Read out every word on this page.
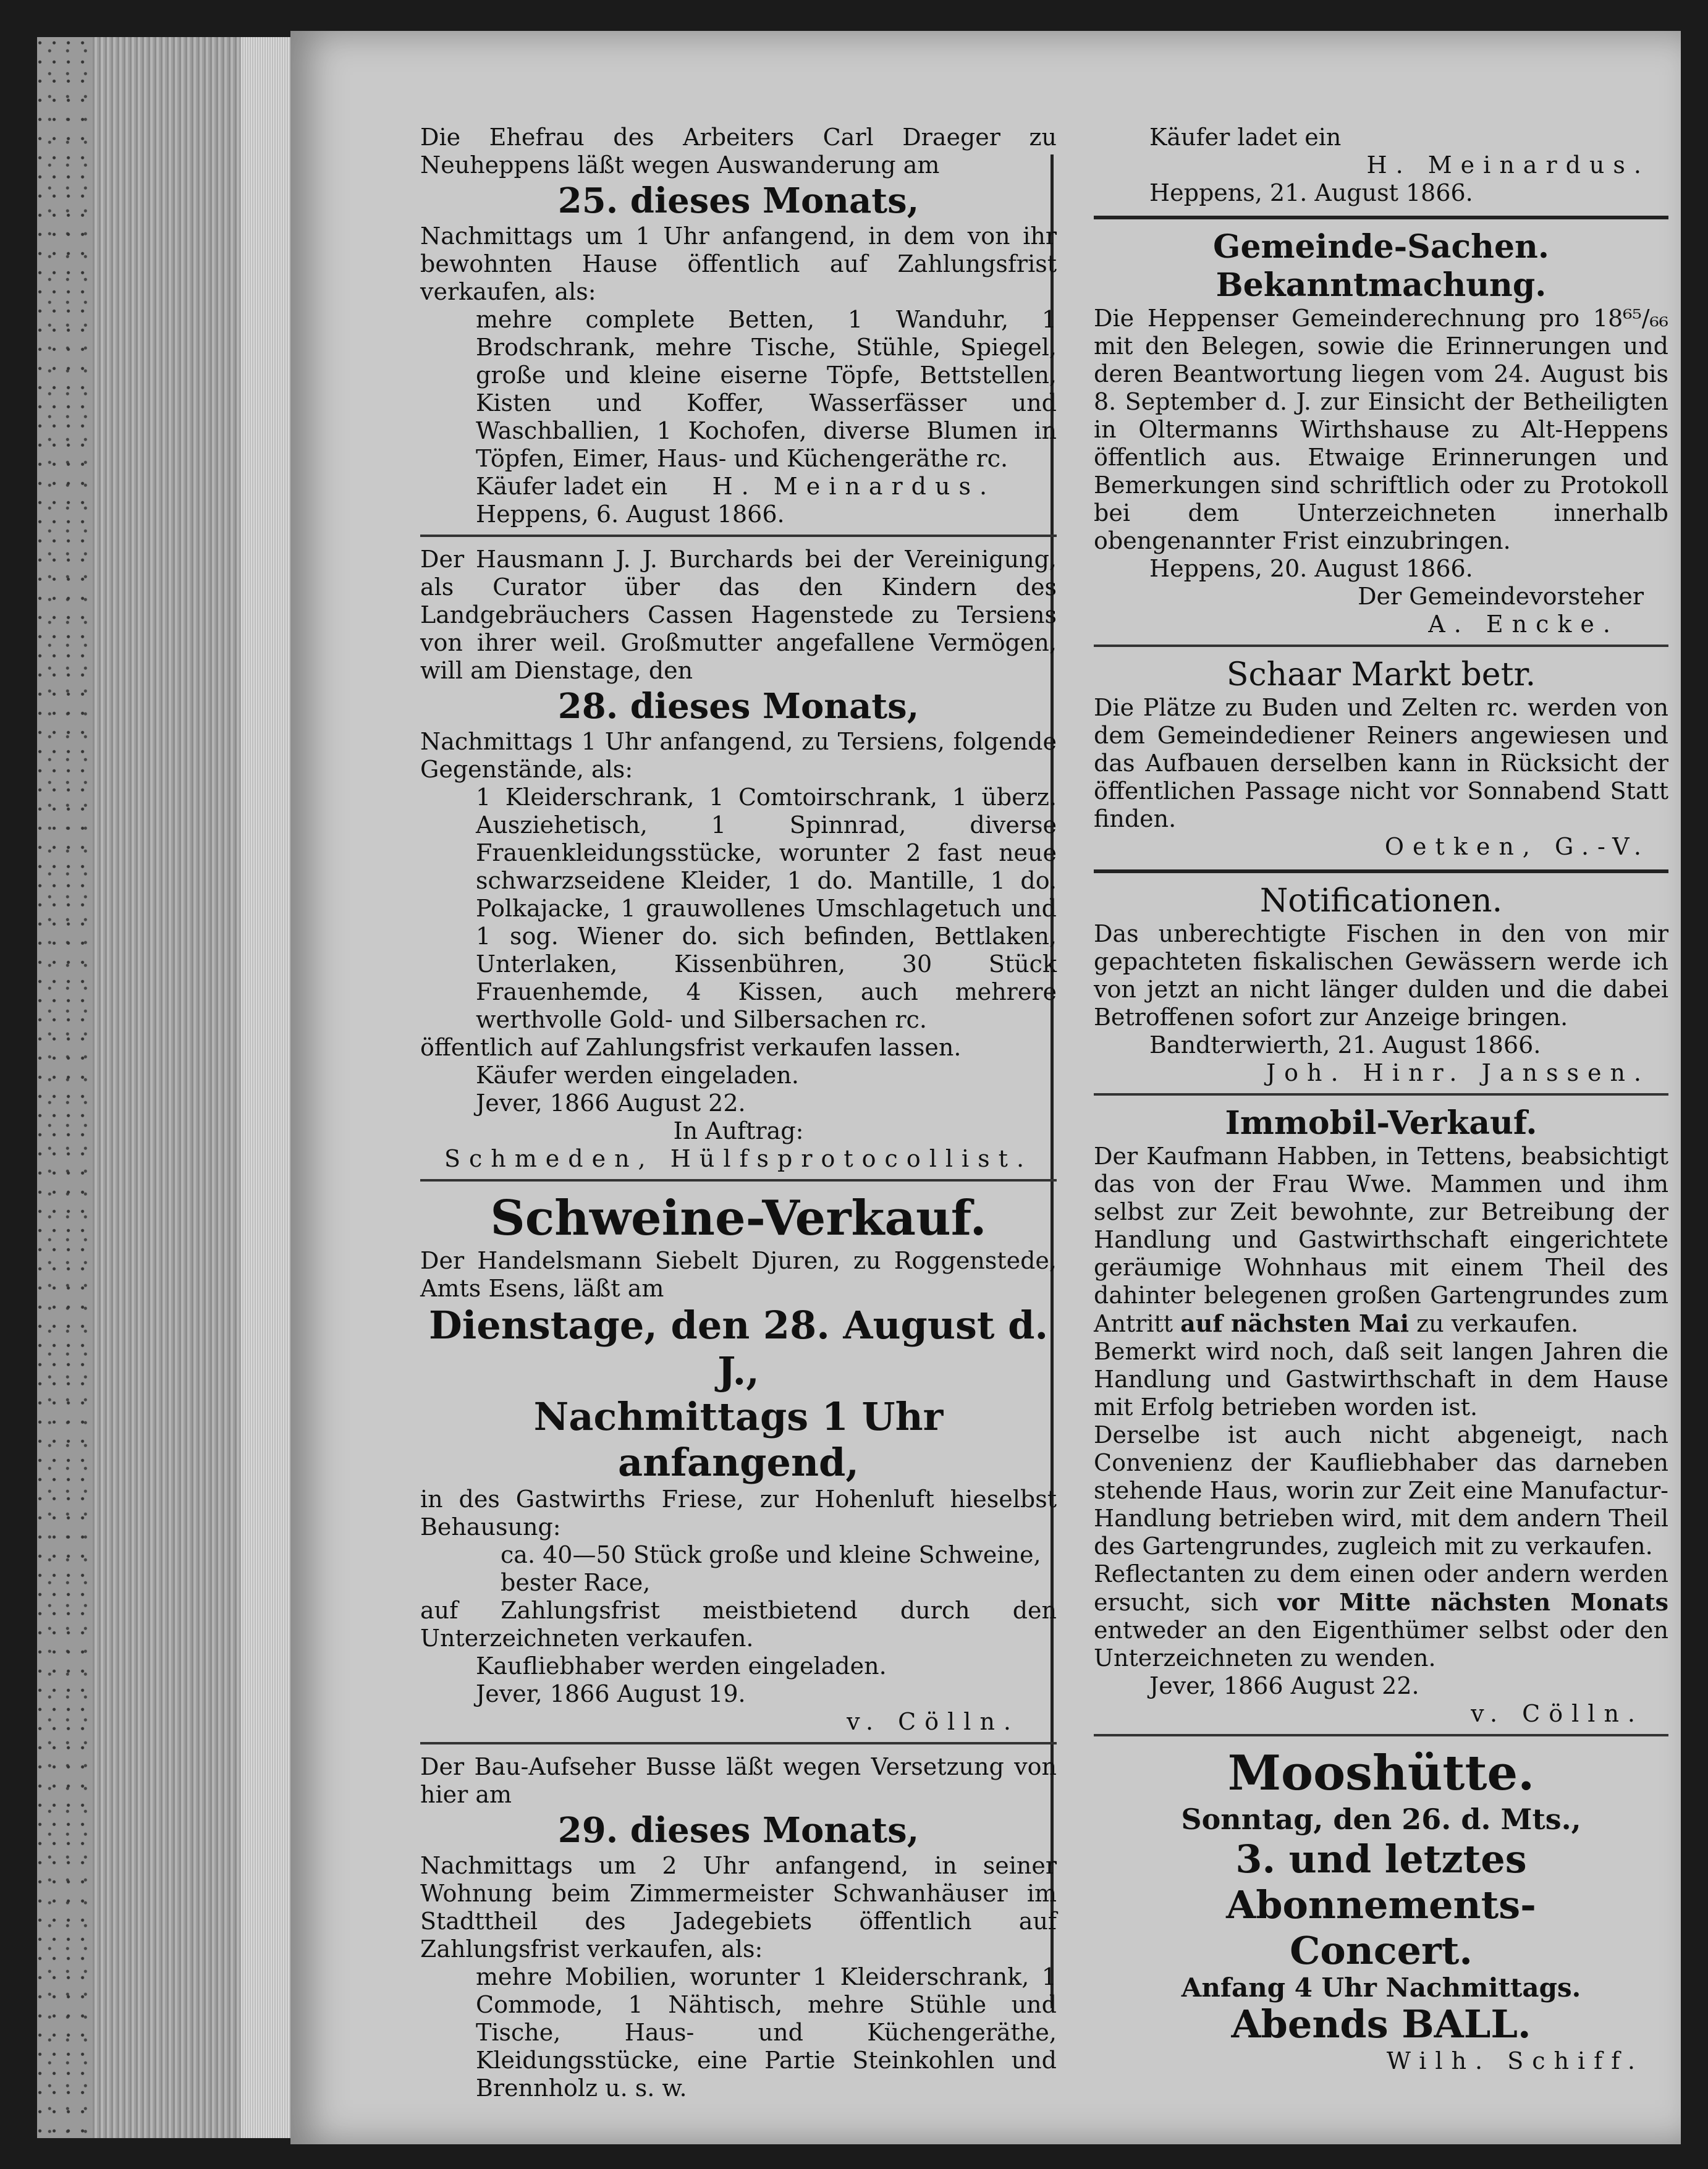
Die Ehefrau des Arbeiters Carl Draeger zu Neuheppens läßt wegen Auswanderung am

25. dieses Monats,

Nachmittags um 1 Uhr anfangend, in dem von ihr bewohnten Hause öffentlich auf Zahlungsfrist verkaufen, als:

mehre complete Betten, 1 Wanduhr, 1 Brodschrank, mehre Tische, Stühle, Spiegel, große und kleine eiserne Töpfe, Bettstellen, Kisten und Koffer, Wasserfässer und Waschballien, 1 Kochofen, diverse Blumen in Töpfen, Eimer, Haus- und Küchengeräthe rc.

Käufer ladet ein H. Meinardus.

Heppens, 6. August 1866.

Der Hausmann J. J. Burchards bei der Vereinigung, als Curator über das den Kindern des Landgebräuchers Cassen Hagenstede zu Tersiens von ihrer weil. Großmutter angefallene Vermögen, will am Dienstage, den

28. dieses Monats,

Nachmittags 1 Uhr anfangend, zu Tersiens, folgende Gegenstände, als:

1 Kleiderschrank, 1 Comtoirschrank, 1 überz. Ausziehetisch, 1 Spinnrad, diverse Frauenkleidungsstücke, worunter 2 fast neue schwarzseidene Kleider, 1 do. Mantille, 1 do. Polkajacke, 1 grauwollenes Umschlagetuch und 1 sog. Wiener do. sich befinden, Bettlaken, Unterlaken, Kissenbühren, 30 Stück Frauenhemde, 4 Kissen, auch mehrere werthvolle Gold- und Silbersachen rc.

öffentlich auf Zahlungsfrist verkaufen lassen.

Käufer werden eingeladen.

Jever, 1866 August 22.

In Auftrag:

Schmeden, Hülfsprotocollist.

Schweine-Verkauf.

Der Handelsmann Siebelt Djuren, zu Roggenstede, Amts Esens, läßt am

Dienstage, den 28. August d. J.,

Nachmittags 1 Uhr anfangend,

in des Gastwirths Friese, zur Hohenluft hieselbst Behausung:

ca. 40—50 Stück große und kleine Schweine, bester Race,

auf Zahlungsfrist meistbietend durch den Unterzeichneten verkaufen.

Kaufliebhaber werden eingeladen.

Jever, 1866 August 19.

v. Cölln.

Der Bau-Aufseher Busse läßt wegen Versetzung von hier am

29. dieses Monats,

Nachmittags um 2 Uhr anfangend, in seiner Wohnung beim Zimmermeister Schwanhäuser im Stadttheil des Jadegebiets öffentlich auf Zahlungsfrist verkaufen, als:

mehre Mobilien, worunter 1 Kleiderschrank, 1 Commode, 1 Nähtisch, mehre Stühle und Tische, Haus- und Küchengeräthe, Kleidungsstücke, eine Partie Steinkohlen und Brennholz u. s. w.

Käufer ladet ein

H. Meinardus.

Heppens, 21. August 1866.

Gemeinde-Sachen.

Bekanntmachung.

Die Heppenser Gemeinderechnung pro 18⁶⁵/₆₆ mit den Belegen, sowie die Erinnerungen und deren Beantwortung liegen vom 24. August bis 8. September d. J. zur Einsicht der Betheiligten in Oltermanns Wirthshause zu Alt-Heppens öffentlich aus. Etwaige Erinnerungen und Bemerkungen sind schriftlich oder zu Protokoll bei dem Unterzeichneten innerhalb obengenannter Frist einzubringen.

Heppens, 20. August 1866.

Der Gemeindevorsteher

A. Encke.

Schaar Markt betr.

Die Plätze zu Buden und Zelten rc. werden von dem Gemeindediener Reiners angewiesen und das Aufbauen derselben kann in Rücksicht der öffentlichen Passage nicht vor Sonnabend Statt finden.

Oetken, G.-V.

Notificationen.

Das unberechtigte Fischen in den von mir gepachteten fiskalischen Gewässern werde ich von jetzt an nicht länger dulden und die dabei Betroffenen sofort zur Anzeige bringen.

Bandterwierth, 21. August 1866.

Joh. Hinr. Janssen.

Immobil-Verkauf.

Der Kaufmann Habben, in Tettens, beabsichtigt das von der Frau Wwe. Mammen und ihm selbst zur Zeit bewohnte, zur Betreibung der Handlung und Gastwirthschaft eingerichtete geräumige Wohnhaus mit einem Theil des dahinter belegenen großen Gartengrundes zum Antritt auf nächsten Mai zu verkaufen.

Bemerkt wird noch, daß seit langen Jahren die Handlung und Gastwirthschaft in dem Hause mit Erfolg betrieben worden ist.

Derselbe ist auch nicht abgeneigt, nach Convenienz der Kaufliebhaber das darneben stehende Haus, worin zur Zeit eine Manufactur-Handlung betrieben wird, mit dem andern Theil des Gartengrundes, zugleich mit zu verkaufen.

Reflectanten zu dem einen oder andern werden ersucht, sich vor Mitte nächsten Monats entweder an den Eigenthümer selbst oder den Unterzeichneten zu wenden.

Jever, 1866 August 22.

v. Cölln.

Mooshütte.

Sonntag, den 26. d. Mts.,

3. und letztes Abonnements-

Concert.

Anfang 4 Uhr Nachmittags.

Abends BALL.

Wilh. Schiff.
